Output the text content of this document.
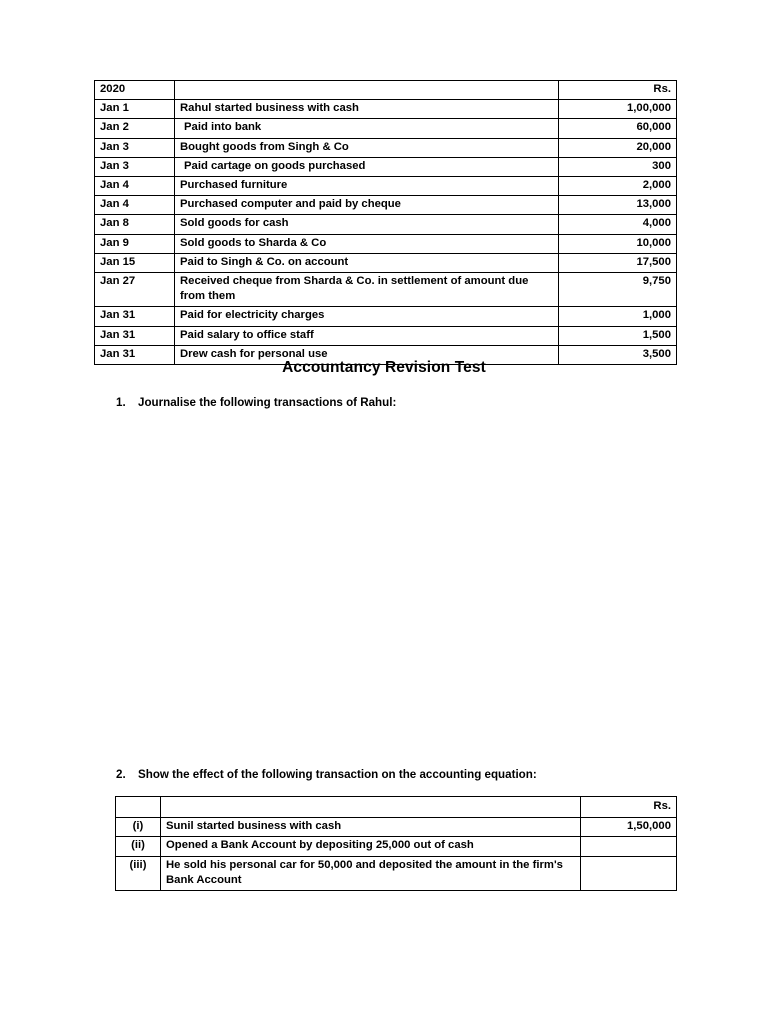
2020		Rs.
Jan 1	Rahul started business with cash	1,00,000
Jan 2	Paid into bank	60,000
Jan 3	Bought goods from Singh & Co	20,000
Jan 3	Paid cartage on goods purchased	300
Jan 4	Purchased furniture	2,000
Jan 4	Purchased computer and paid by cheque	13,000
Jan 8	Sold goods for cash	4,000
Jan 9	Sold goods to Sharda & Co	10,000
Jan 15	Paid to Singh & Co. on account	17,500
Jan 27	Received cheque from Sharda & Co. in settlement of amount due from them	9,750
Jan 31	Paid for electricity charges	1,000
Jan 31	Paid salary to office staff	1,500
Jan 31	Drew cash for personal use	3,500
Accountancy Revision Test
1. Journalise the following transactions of Rahul:
2. Show the effect of the following transaction on the accounting equation:
		Rs.
(i)	Sunil started business with cash	1,50,000
(ii)	Opened a Bank Account by depositing 25,000 out of cash	
(iii)	He sold his personal car for 50,000 and deposited the amount in the firm's Bank Account	
